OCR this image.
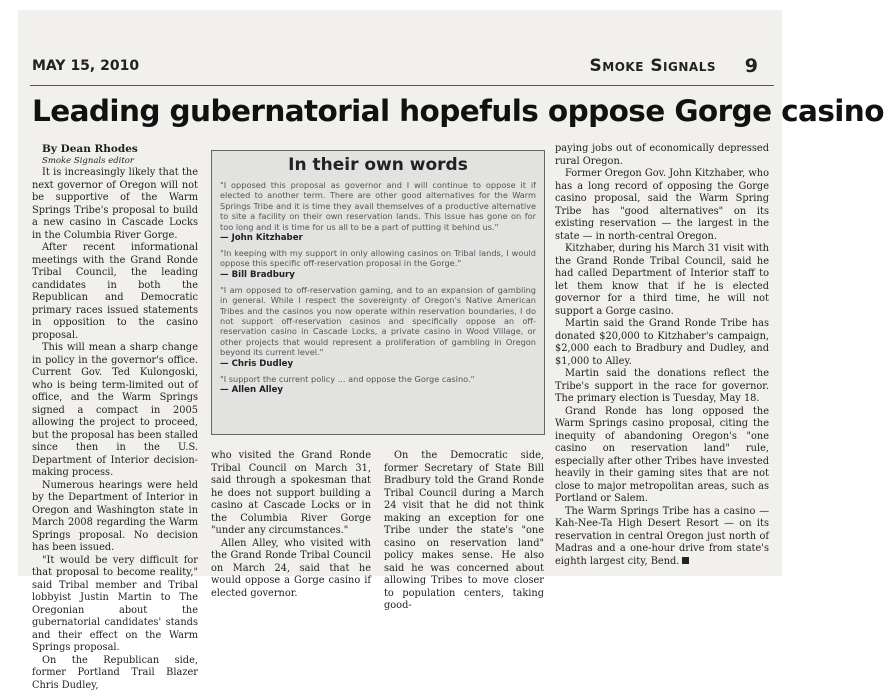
MAY 15, 2010	Smoke Signals 9
Leading gubernatorial hopefuls oppose Gorge casino

By Dean Rhodes

Smoke Signals editor

It is increasingly likely that the next governor of Oregon will not be supportive of the Warm Springs Tribe's proposal to build a new casino in Cascade Locks in the Columbia River Gorge.

After recent informational meetings with the Grand Ronde Tribal Council, the leading candidates in both the Republican and Democratic primary races issued statements in opposition to the casino proposal.

This will mean a sharp change in policy in the governor's office. Current Gov. Ted Kulongoski, who is being term-limited out of office, and the Warm Springs signed a compact in 2005 allowing the project to proceed, but the proposal has been stalled since then in the U.S. Department of Interior decision-making process.

Numerous hearings were held by the Department of Interior in Oregon and Washington state in March 2008 regarding the Warm Springs proposal. No decision has been issued.

"It would be very difficult for that proposal to become reality," said Tribal member and Tribal lobbyist Justin Martin to The Oregonian about the gubernatorial candidates' stands and their effect on the Warm Springs proposal.

On the Republican side, former Portland Trail Blazer Chris Dudley,

In their own words

"I opposed this proposal as governor and I will continue to oppose it if elected to another term. There are other good alternatives for the Warm Springs Tribe and it is time they avail themselves of a productive alternative to site a facility on their own reservation lands. This issue has gone on for too long and it is time for us all to be a part of putting it behind us."

— John Kitzhaber

"In keeping with my support in only allowing casinos on Tribal lands, I would oppose this specific off-reservation proposal in the Gorge."

— Bill Bradbury

"I am opposed to off-reservation gaming, and to an expansion of gambling in general. While I respect the sovereignty of Oregon's Native American Tribes and the casinos you now operate within reservation boundaries, I do not support off-reservation casinos and specifically oppose an off-reservation casino in Cascade Locks, a private casino in Wood Village, or other projects that would represent a proliferation of gambling in Oregon beyond its current level."

— Chris Dudley

"I support the current policy ... and oppose the Gorge casino."

— Allen Alley

who visited the Grand Ronde Tribal Council on March 31, said through a spokesman that he does not support building a casino at Cascade Locks or in the Columbia River Gorge "under any circumstances."

Allen Alley, who visited with the Grand Ronde Tribal Council on March 24, said that he would oppose a Gorge casino if elected governor.

On the Democratic side, former Secretary of State Bill Bradbury told the Grand Ronde Tribal Council during a March 24 visit that he did not think making an exception for one Tribe under the state's "one casino on reservation land" policy makes sense. He also said he was concerned about allowing Tribes to move closer to population centers, taking good-

paying jobs out of economically depressed rural Oregon.

Former Oregon Gov. John Kitzhaber, who has a long record of opposing the Gorge casino proposal, said the Warm Spring Tribe has "good alternatives" on its existing reservation — the largest in the state — in north-central Oregon.

Kitzhaber, during his March 31 visit with the Grand Ronde Tribal Council, said he had called Department of Interior staff to let them know that if he is elected governor for a third time, he will not support a Gorge casino.

Martin said the Grand Ronde Tribe has donated $20,000 to Kitzhaber's campaign, $2,000 each to Bradbury and Dudley, and $1,000 to Alley.

Martin said the donations reflect the Tribe's support in the race for governor. The primary election is Tuesday, May 18.

Grand Ronde has long opposed the Warm Springs casino proposal, citing the inequity of abandoning Oregon's "one casino on reservation land" rule, especially after other Tribes have invested heavily in their gaming sites that are not close to major metropolitan areas, such as Portland or Salem.

The Warm Springs Tribe has a casino — Kah-Nee-Ta High Desert Resort — on its reservation in central Oregon just north of Madras and a one-hour drive from state's eighth largest city, Bend.
